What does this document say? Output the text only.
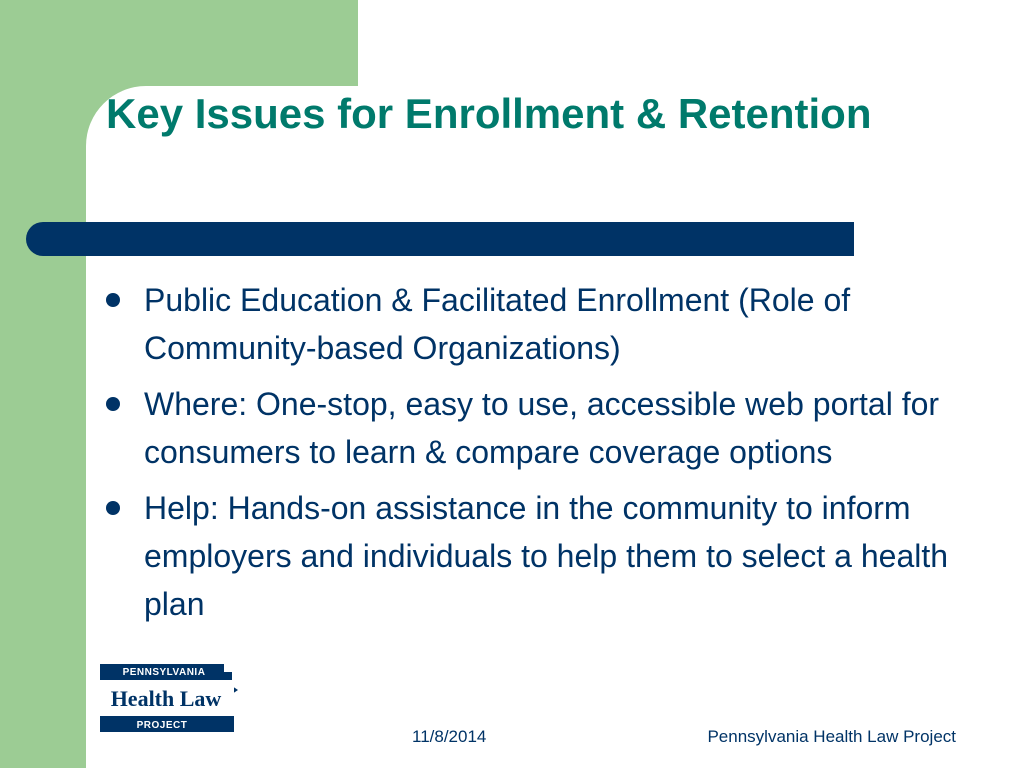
Key Issues for Enrollment & Retention
Public Education & Facilitated Enrollment (Role of Community-based Organizations)
Where: One-stop, easy to use, accessible web portal for consumers to learn & compare coverage options
Help: Hands-on assistance in the community to inform employers and individuals to help them to select a health plan
PENNSYLVANIA
Health Law
PROJECT
11/8/2014	Pennsylvania Health Law Project
